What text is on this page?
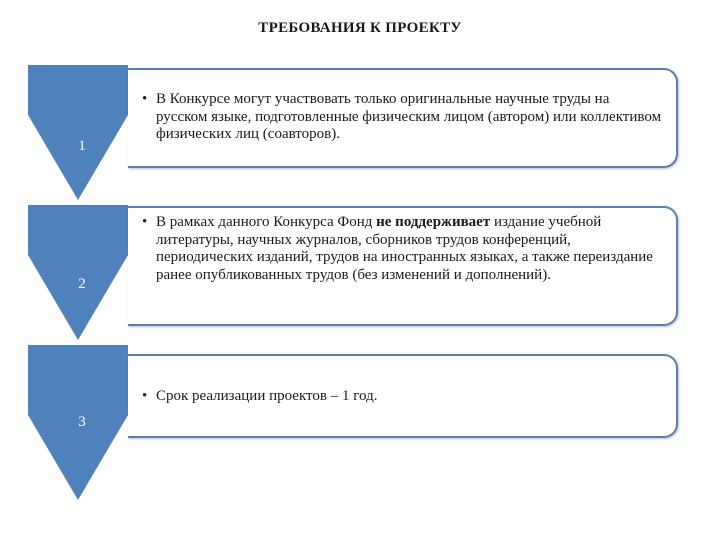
ТРЕБОВАНИЯ К ПРОЕКТУ
1
2
3
• В Конкурсе могут участвовать только оригинальные научные труды на русском языке, подготовленные физическим лицом (автором) или коллективом физических лиц (соавторов).
• В рамках данного Конкурса Фонд не поддерживает издание учебной литературы, научных журналов, сборников трудов конференций, периодических изданий, трудов на иностранных языках, а также переиздание ранее опубликованных трудов (без изменений и дополнений).
• Срок реализации проектов – 1 год.
